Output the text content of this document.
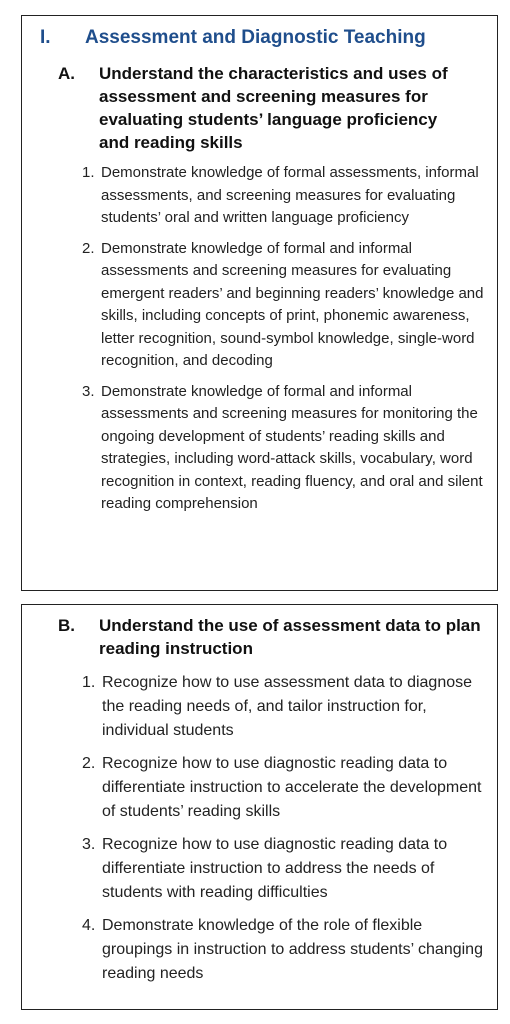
I. Assessment and Diagnostic Teaching
A. Understand the characteristics and uses of assessment and screening measures for evaluating students’ language proficiency and reading skills
1. Demonstrate knowledge of formal assessments, informal assessments, and screening measures for evaluating students’ oral and written language proficiency
2. Demonstrate knowledge of formal and informal assessments and screening measures for evaluating emergent readers’ and beginning readers’ knowledge and skills, including concepts of print, phonemic awareness, letter recognition, sound-symbol knowledge, single-word recognition, and decoding
3. Demonstrate knowledge of formal and informal assessments and screening measures for monitoring the ongoing development of students’ reading skills and strategies, including word-attack skills, vocabulary, word recognition in context, reading fluency, and oral and silent reading comprehension
B. Understand the use of assessment data to plan reading instruction
1. Recognize how to use assessment data to diagnose the reading needs of, and tailor instruction for, individual students
2. Recognize how to use diagnostic reading data to differentiate instruction to accelerate the development of students’ reading skills
3. Recognize how to use diagnostic reading data to differentiate instruction to address the needs of students with reading difficulties
4. Demonstrate knowledge of the role of flexible groupings in instruction to address students’ changing reading needs
